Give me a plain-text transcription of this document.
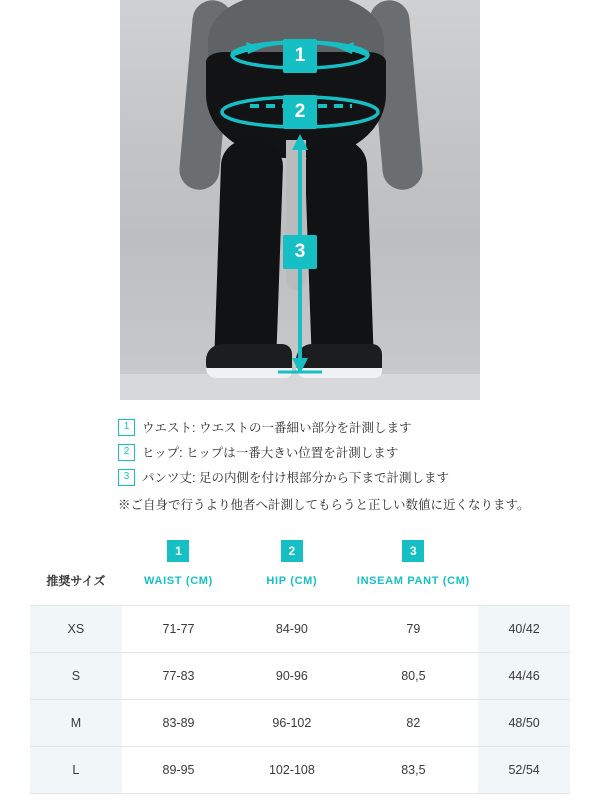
1
2
3
1	ウエスト: ウエストの一番細い部分を計測します
2	ヒップ: ヒップは一番大きい位置を計測します
3	パンツ丈: 足の内側を付け根部分から下まで計測します
※ご自身で行うより他者へ計測してもらうと正しい数値に近くなります。
	1	2	3	
推奨サイズ	WAIST (CM)	HIP (CM)	INSEAM PANT (CM)	
XS	71-77	84-90	79	40/42
S	77-83	90-96	80,5	44/46
M	83-89	96-102	82	48/50
L	89-95	102-108	83,5	52/54
